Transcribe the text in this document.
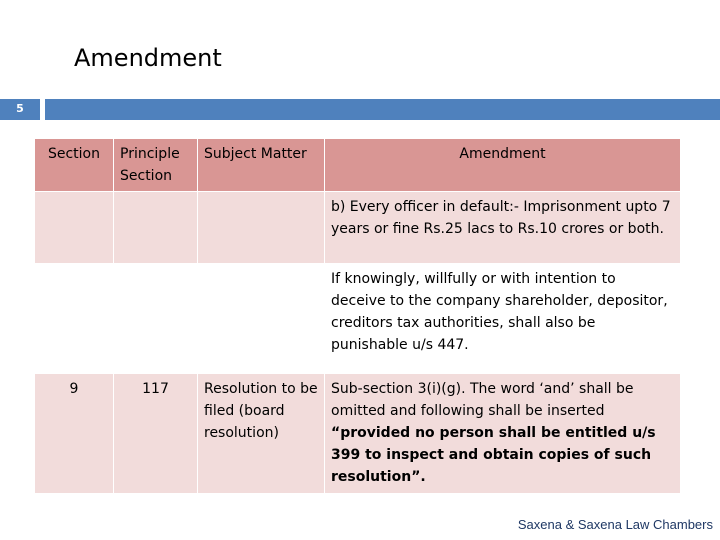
Amendment
5
Section	Principle Section	Subject Matter	Amendment
			b) Every officer in default:- Imprisonment upto 7 years or fine Rs.25 lacs to Rs.10 crores or both.
			If knowingly, willfully or with intention to deceive to the company shareholder, depositor, creditors tax authorities, shall also be punishable u/s 447.
9	117	Resolution to be filed (board resolution)	Sub-section 3(i)(g). The word ‘and’ shall be omitted and following shall be inserted “provided no person shall be entitled u/s 399 to inspect and obtain copies of such resolution”.
Saxena & Saxena Law Chambers
